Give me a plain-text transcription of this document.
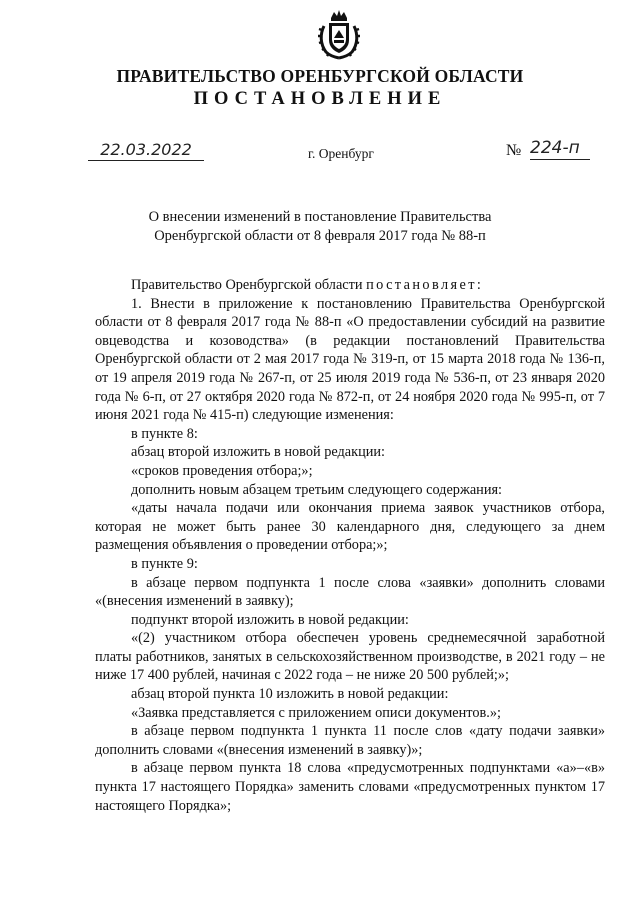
ПРАВИТЕЛЬСТВО ОРЕНБУРГСКОЙ ОБЛАСТИ
ПОСТАНОВЛЕНИЕ
22.03.2022	г. Оренбург	№ 224-п
О внесении изменений в постановление Правительства
Оренбургской области от 8 февраля 2017 года № 88-п

Правительство Оренбургской области постановляет:

1. Внести в приложение к постановлению Правительства Оренбургской области от 8 февраля 2017 года № 88-п «О предоставлении субсидий на развитие овцеводства и козоводства» (в редакции постановлений Правительства Оренбургской области от 2 мая 2017 года № 319-п, от 15 марта 2018 года № 136-п, от 19 апреля 2019 года № 267-п, от 25 июля 2019 года № 536-п, от 23 января 2020 года № 6-п, от 27 октября 2020 года № 872-п, от 24 ноября 2020 года № 995-п, от 7 июня 2021 года № 415-п) следующие изменения:

в пункте 8:

абзац второй изложить в новой редакции:

«сроков проведения отбора;»;

дополнить новым абзацем третьим следующего содержания:

«даты начала подачи или окончания приема заявок участников отбора, которая не может быть ранее 30 календарного дня, следующего за днем размещения объявления о проведении отбора;»;

в пункте 9:

в абзаце первом подпункта 1 после слова «заявки» дополнить словами «(внесения изменений в заявку);

подпункт второй изложить в новой редакции:

«(2) участником отбора обеспечен уровень среднемесячной заработной платы работников, занятых в сельскохозяйственном производстве, в 2021 году – не ниже 17 400 рублей, начиная с 2022 года – не ниже 20 500 рублей;»;

абзац второй пункта 10 изложить в новой редакции:

«Заявка представляется с приложением описи документов.»;

в абзаце первом подпункта 1 пункта 11 после слов «дату подачи заявки» дополнить словами «(внесения изменений в заявку)»;

в абзаце первом пункта 18 слова «предусмотренных подпунктами «а»–«в» пункта 17 настоящего Порядка» заменить словами «предусмотренных пунктом 17 настоящего Порядка»;
